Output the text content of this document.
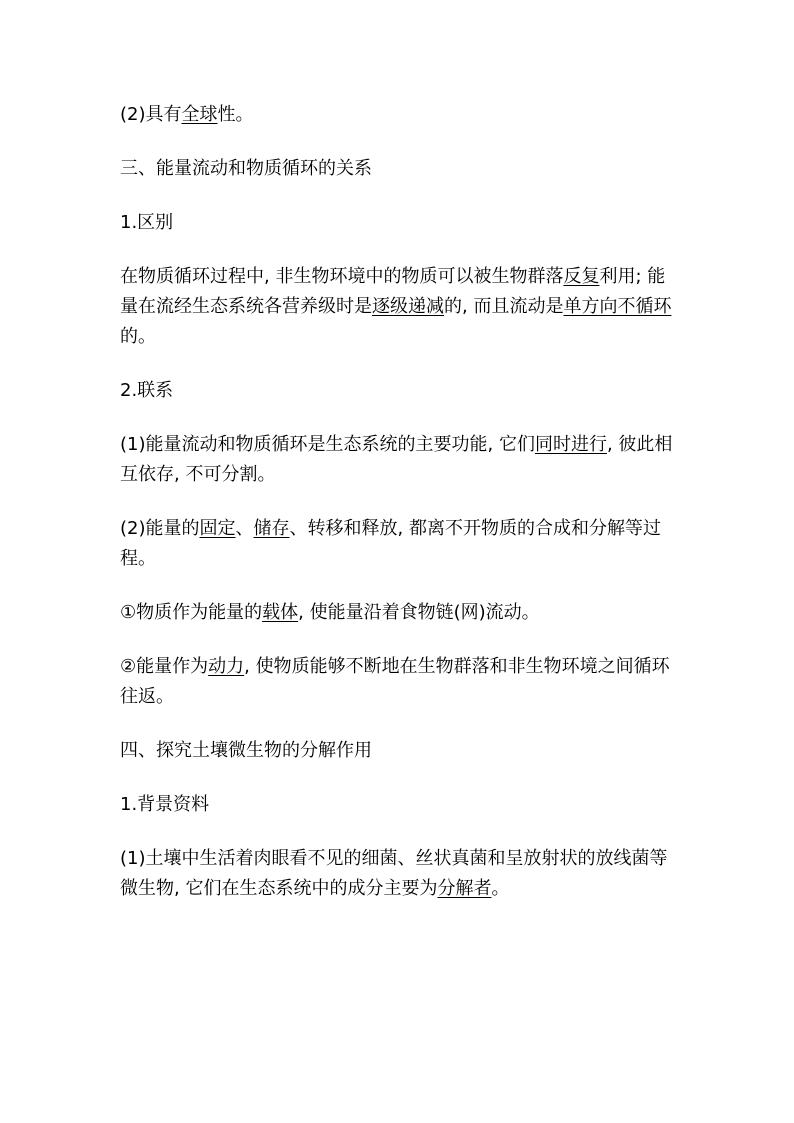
(2)具有全球性。

三、能量流动和物质循环的关系

1.区别

在物质循环过程中, 非生物环境中的物质可以被生物群落反复利用; 能量在流经生态系统各营养级时是逐级递减的, 而且流动是单方向不循环的。

2.联系

(1)能量流动和物质循环是生态系统的主要功能, 它们同时进行, 彼此相互依存, 不可分割。

(2)能量的固定、储存、转移和释放, 都离不开物质的合成和分解等过程。

①物质作为能量的载体, 使能量沿着食物链(网)流动。

②能量作为动力, 使物质能够不断地在生物群落和非生物环境之间循环往返。

四、探究土壤微生物的分解作用

1.背景资料

(1)土壤中生活着肉眼看不见的细菌、丝状真菌和呈放射状的放线菌等微生物, 它们在生态系统中的成分主要为分解者。
